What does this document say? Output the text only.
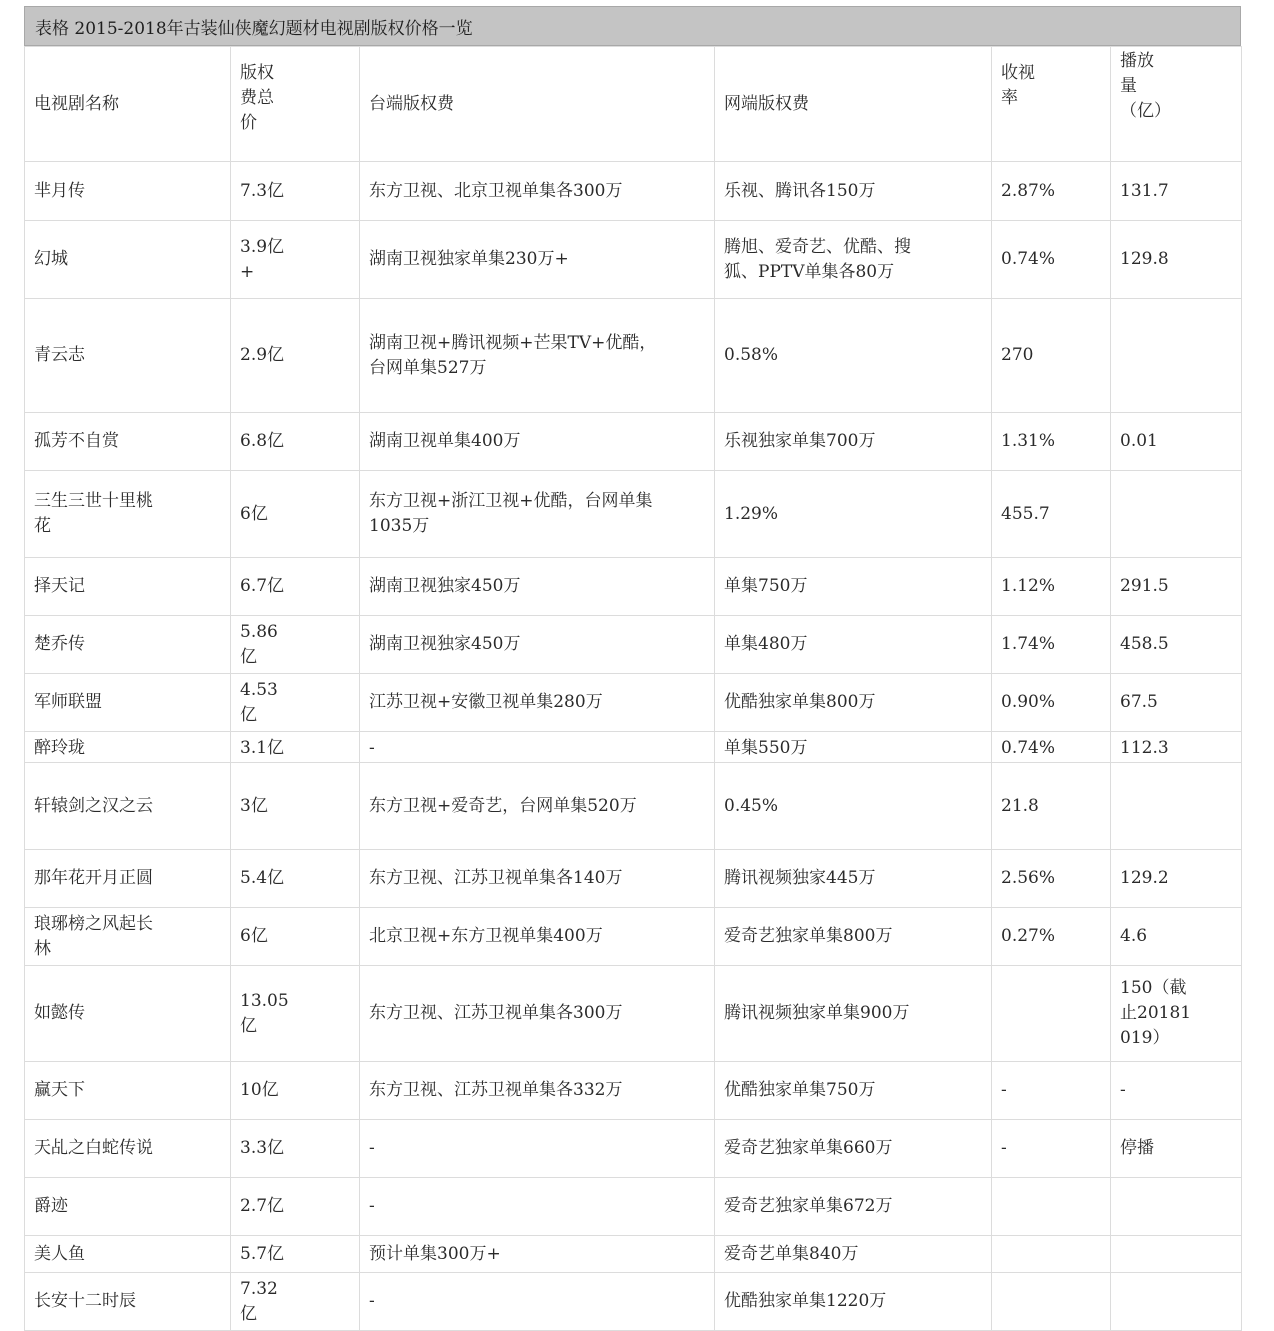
表格 2015-2018年古装仙侠魔幻题材电视剧版权价格一览
电视剧名称	版权费总价	台端版权费	网端版权费	收视率	播放量（亿）

芈月传	7.3亿	东方卫视、北京卫视单集各300万	乐视、腾讯各150万	2.87%	131.7

幻城	3.9亿+	湖南卫视独家单集230万+	腾旭、爱奇艺、优酷、搜狐、PPTV单集各80万	0.74%	129.8

青云志	2.9亿	湖南卫视+腾讯视频+芒果TV+优酷，台网单集527万	0.58%	270	

孤芳不自赏	6.8亿	湖南卫视单集400万	乐视独家单集700万	1.31%	0.01

三生三世十里桃花	6亿	东方卫视+浙江卫视+优酷，台网单集1035万	1.29%	455.7	

择天记	6.7亿	湖南卫视独家450万	单集750万	1.12%	291.5

楚乔传	5.86亿	湖南卫视独家450万	单集480万	1.74%	458.5

军师联盟	4.53亿	江苏卫视+安徽卫视单集280万	优酷独家单集800万	0.90%	67.5

醉玲珑	3.1亿	-	单集550万	0.74%	112.3

轩辕剑之汉之云	3亿	东方卫视+爱奇艺，台网单集520万	0.45%	21.8	

那年花开月正圆	5.4亿	东方卫视、江苏卫视单集各140万	腾讯视频独家445万	2.56%	129.2

琅琊榜之风起长林	6亿	北京卫视+东方卫视单集400万	爱奇艺独家单集800万	0.27%	4.6

如懿传	13.05亿	东方卫视、江苏卫视单集各300万	腾讯视频独家单集900万		150（截止20181019）

赢天下	10亿	东方卫视、江苏卫视单集各332万	优酷独家单集750万	-	-

天乩之白蛇传说	3.3亿	-	爱奇艺独家单集660万	-	停播

爵迹	2.7亿	-	爱奇艺独家单集672万		

美人鱼	5.7亿	预计单集300万+	爱奇艺单集840万		

长安十二时辰	7.32亿	-	优酷独家单集1220万		
